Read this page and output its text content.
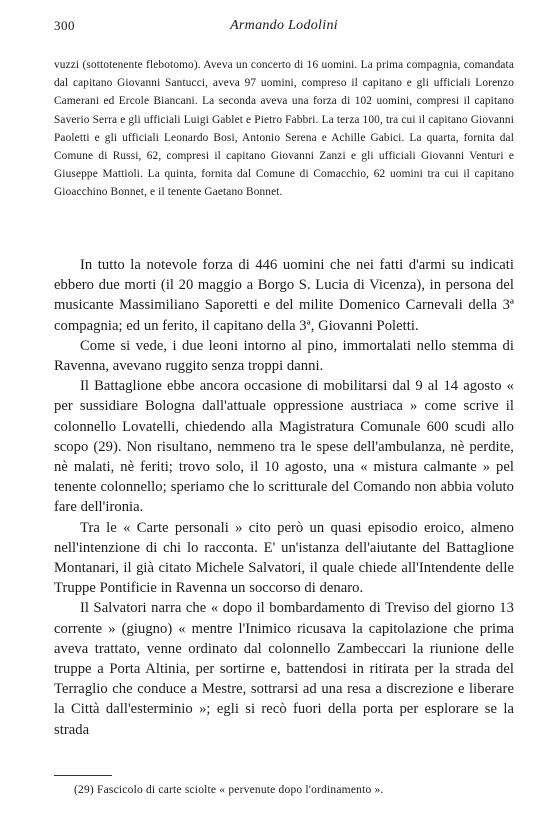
300	Armando Lodolini
vuzzi (sottotenente flebotomo). Aveva un concerto di 16 uomini. La prima compagnia, comandata dal capitano Giovanni Santucci, aveva 97 uomini, compreso il capitano e gli ufficiali Lorenzo Camerani ed Ercole Biancani. La seconda aveva una forza di 102 uomini, compresi il capitano Saverio Serra e gli ufficiali Luigi Gablet e Pietro Fabbri. La terza 100, tra cui il capitano Giovanni Paoletti e gli ufficiali Leonardo Bosi, Antonio Serena e Achille Gabici. La quarta, fornita dal Comune di Russi, 62, compresi il capitano Giovanni Zanzi e gli ufficiali Giovanni Venturi e Giuseppe Mattioli. La quinta, fornita dal Comune di Comacchio, 62 uomini tra cui il capitano Gioacchino Bonnet, e il tenente Gaetano Bonnet.

In tutto la notevole forza di 446 uomini che nei fatti d'armi su indicati ebbero due morti (il 20 maggio a Borgo S. Lucia di Vicenza), in persona del musicante Massimiliano Saporetti e del milite Domenico Carnevali della 3ª compagnia; ed un ferito, il capitano della 3ª, Giovanni Poletti.

Come si vede, i due leoni intorno al pino, immortalati nello stemma di Ravenna, avevano ruggito senza troppi danni.

Il Battaglione ebbe ancora occasione di mobilitarsi dal 9 al 14 agosto « per sussidiare Bologna dall'attuale oppressione austriaca » come scrive il colonnello Lovatelli, chiedendo alla Magistratura Comunale 600 scudi allo scopo (29). Non risultano, nemmeno tra le spese dell'ambulanza, nè perdite, nè malati, nè feriti; trovo solo, il 10 agosto, una « mistura calmante » pel tenente colonnello; speriamo che lo scritturale del Comando non abbia voluto fare dell'ironia.

Tra le « Carte personali » cito però un quasi episodio eroico, almeno nell'intenzione di chi lo racconta. E' un'istanza dell'aiutante del Battaglione Montanari, il già citato Michele Salvatori, il quale chiede all'Intendente delle Truppe Pontificie in Ravenna un soccorso di denaro.

Il Salvatori narra che « dopo il bombardamento di Treviso del giorno 13 corrente » (giugno) « mentre l'Inimico ricusava la capitolazione che prima aveva trattato, venne ordinato dal colonnello Zambeccari la riunione delle truppe a Porta Altinia, per sortirne e, battendosi in ritirata per la strada del Terraglio che conduce a Mestre, sottrarsi ad una resa a discrezione e liberare la Città dall'esterminio »; egli si recò fuori della porta per esplorare se la strada

(29) Fascicolo di carte sciolte « pervenute dopo l'ordinamento ».
